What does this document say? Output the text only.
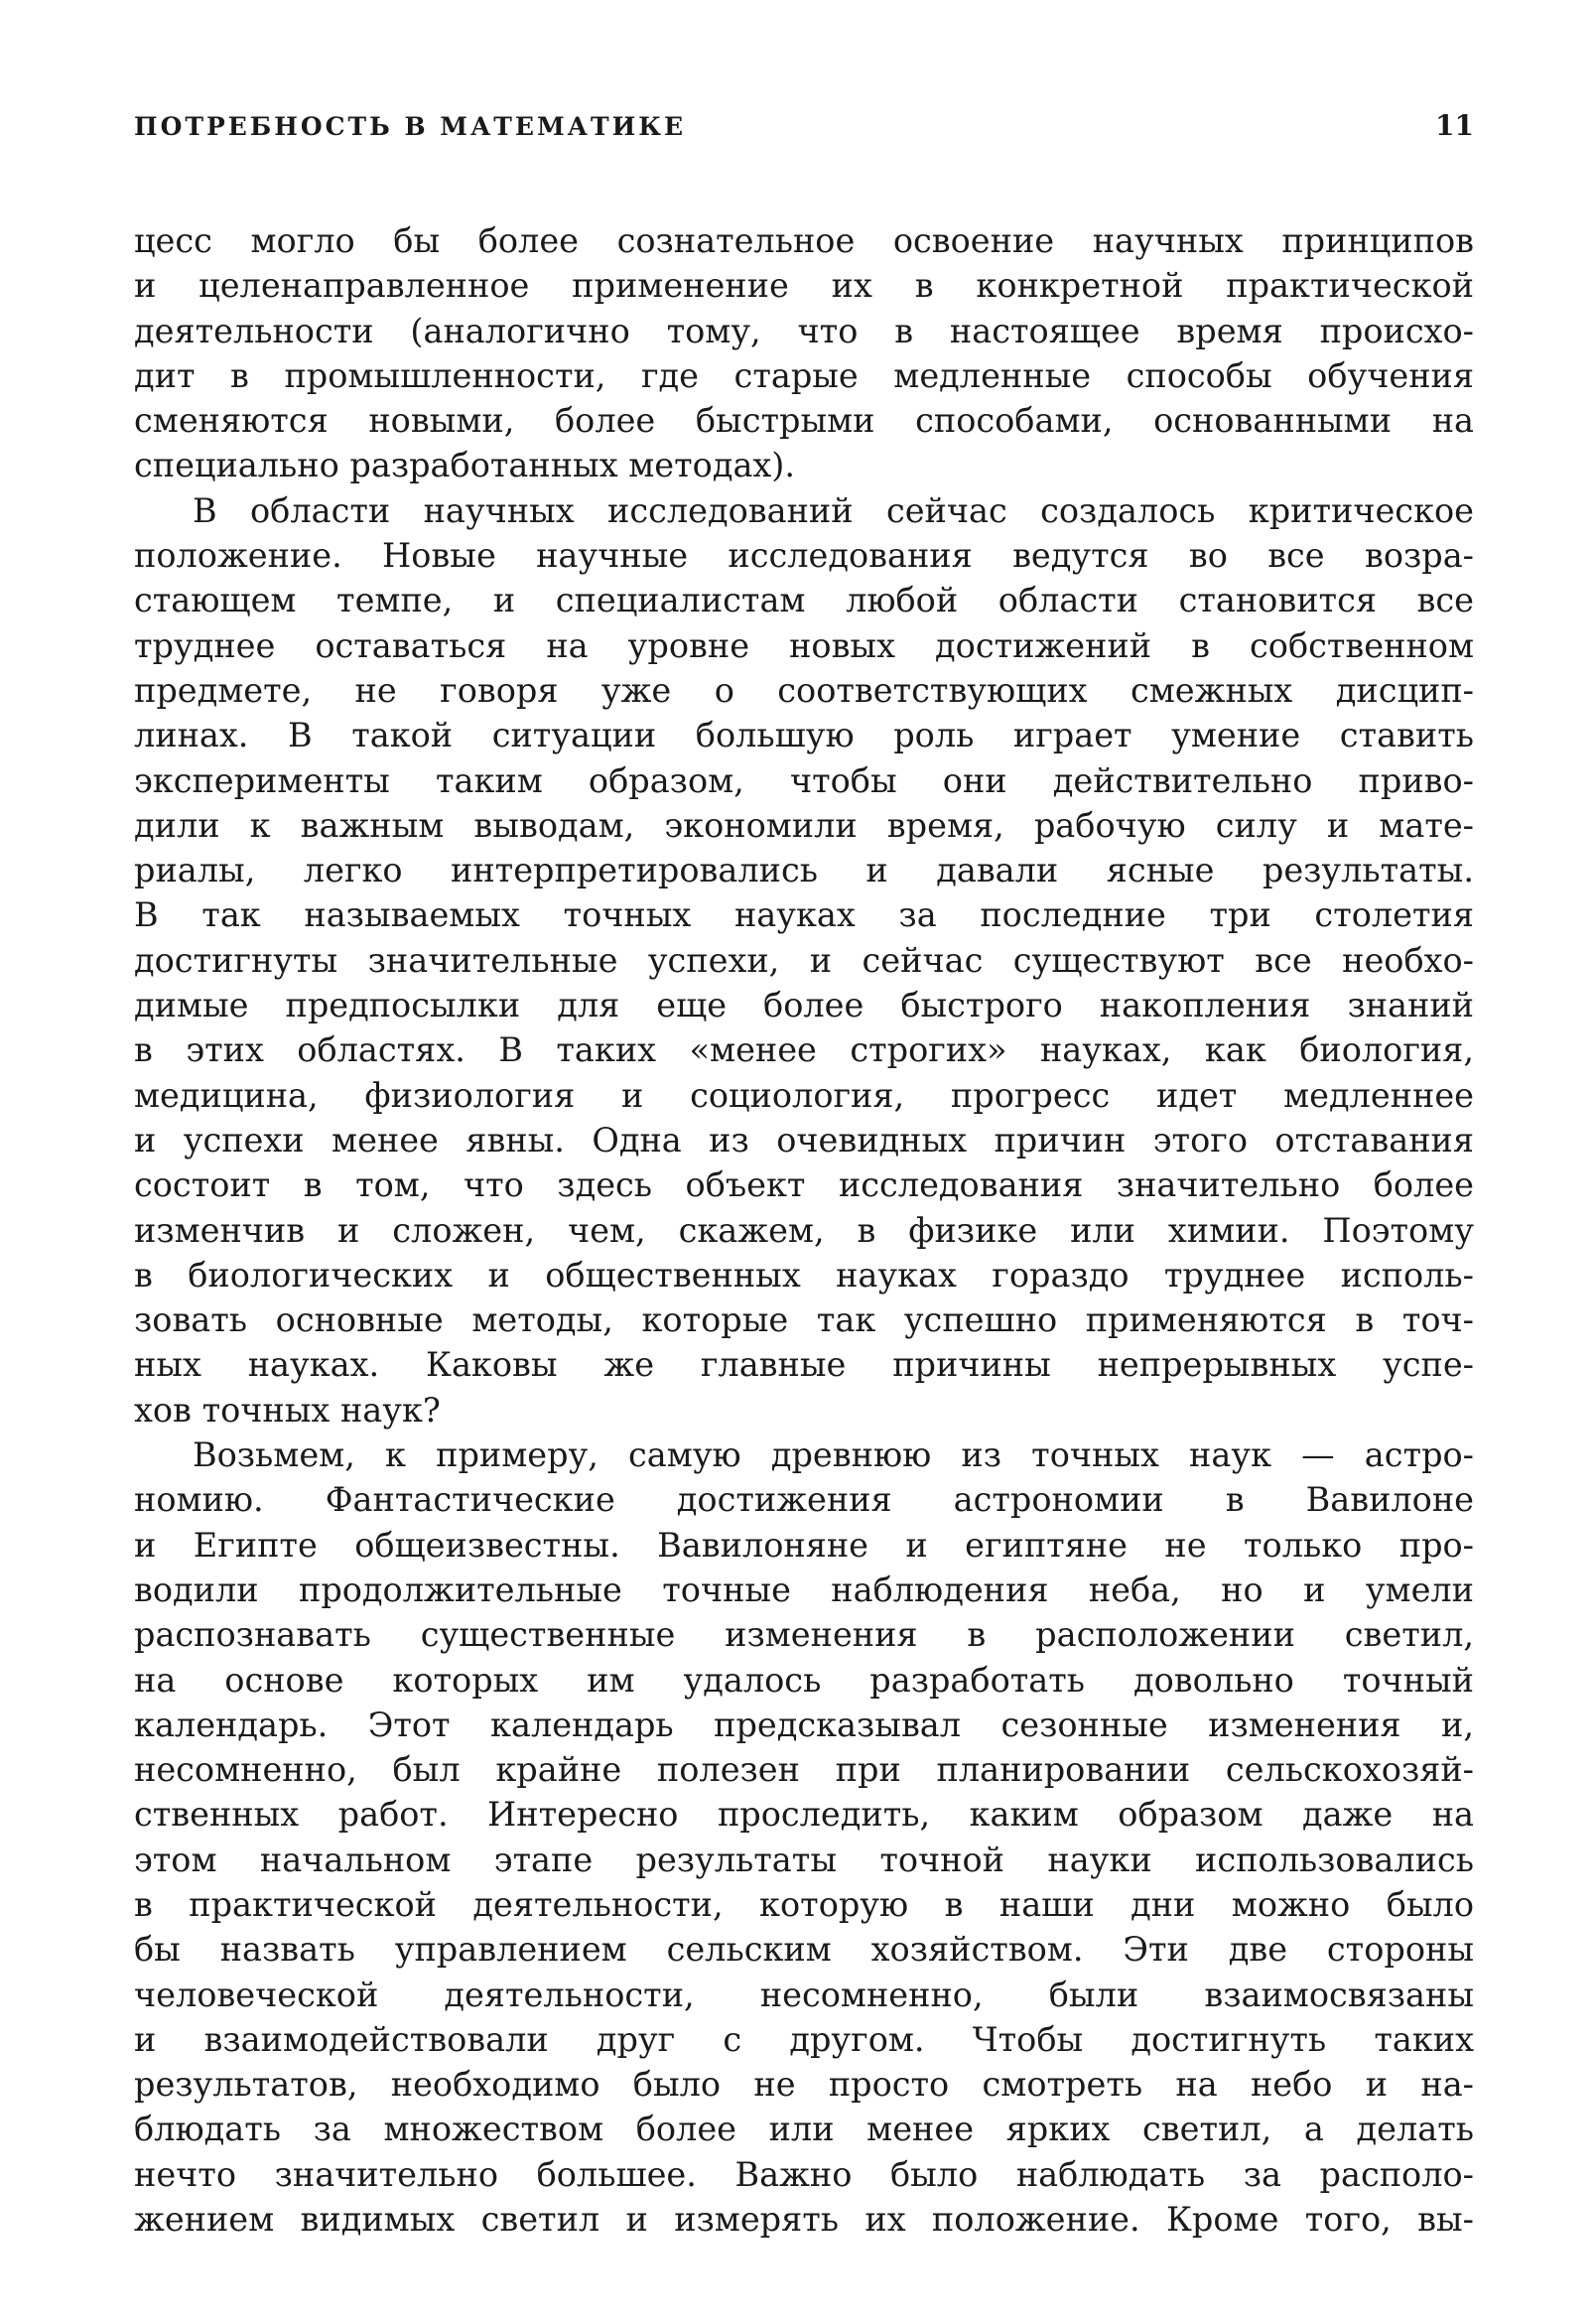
ПОТРЕБНОСТЬ В МАТЕМАТИКЕ	11
цесс могло бы более сознательное освоение научных принципов
и целенаправленное применение их в конкретной практической
деятельности (аналогично тому, что в настоящее время происхо-
дит в промышленности, где старые медленные способы обучения
сменяются новыми, более быстрыми способами, основанными на
специально разработанных методах).
В области научных исследований сейчас создалось критическое
положение. Новые научные исследования ведутся во все возра-
стающем темпе, и специалистам любой области становится все
труднее оставаться на уровне новых достижений в собственном
предмете, не говоря уже о соответствующих смежных дисцип-
линах. В такой ситуации большую роль играет умение ставить
эксперименты таким образом, чтобы они действительно приво-
дили к важным выводам, экономили время, рабочую силу и мате-
риалы, легко интерпретировались и давали ясные результаты.
В так называемых точных науках за последние три столетия
достигнуты значительные успехи, и сейчас существуют все необхо-
димые предпосылки для еще более быстрого накопления знаний
в этих областях. В таких «менее строгих» науках, как биология,
медицина, физиология и социология, прогресс идет медленнее
и успехи менее явны. Одна из очевидных причин этого отставания
состоит в том, что здесь объект исследования значительно более
изменчив и сложен, чем, скажем, в физике или химии. Поэтому
в биологических и общественных науках гораздо труднее исполь-
зовать основные методы, которые так успешно применяются в точ-
ных науках. Каковы же главные причины непрерывных успе-
хов точных наук?
Возьмем, к примеру, самую древнюю из точных наук — астро-
номию. Фантастические достижения астрономии в Вавилоне
и Египте общеизвестны. Вавилоняне и египтяне не только про-
водили продолжительные точные наблюдения неба, но и умели
распознавать существенные изменения в расположении светил,
на основе которых им удалось разработать довольно точный
календарь. Этот календарь предсказывал сезонные изменения и,
несомненно, был крайне полезен при планировании сельскохозяй-
ственных работ. Интересно проследить, каким образом даже на
этом начальном этапе результаты точной науки использовались
в практической деятельности, которую в наши дни можно было
бы назвать управлением сельским хозяйством. Эти две стороны
человеческой деятельности, несомненно, были взаимосвязаны
и взаимодействовали друг с другом. Чтобы достигнуть таких
результатов, необходимо было не просто смотреть на небо и на-
блюдать за множеством более или менее ярких светил, а делать
нечто значительно большее. Важно было наблюдать за располо-
жением видимых светил и измерять их положение. Кроме того, вы-
